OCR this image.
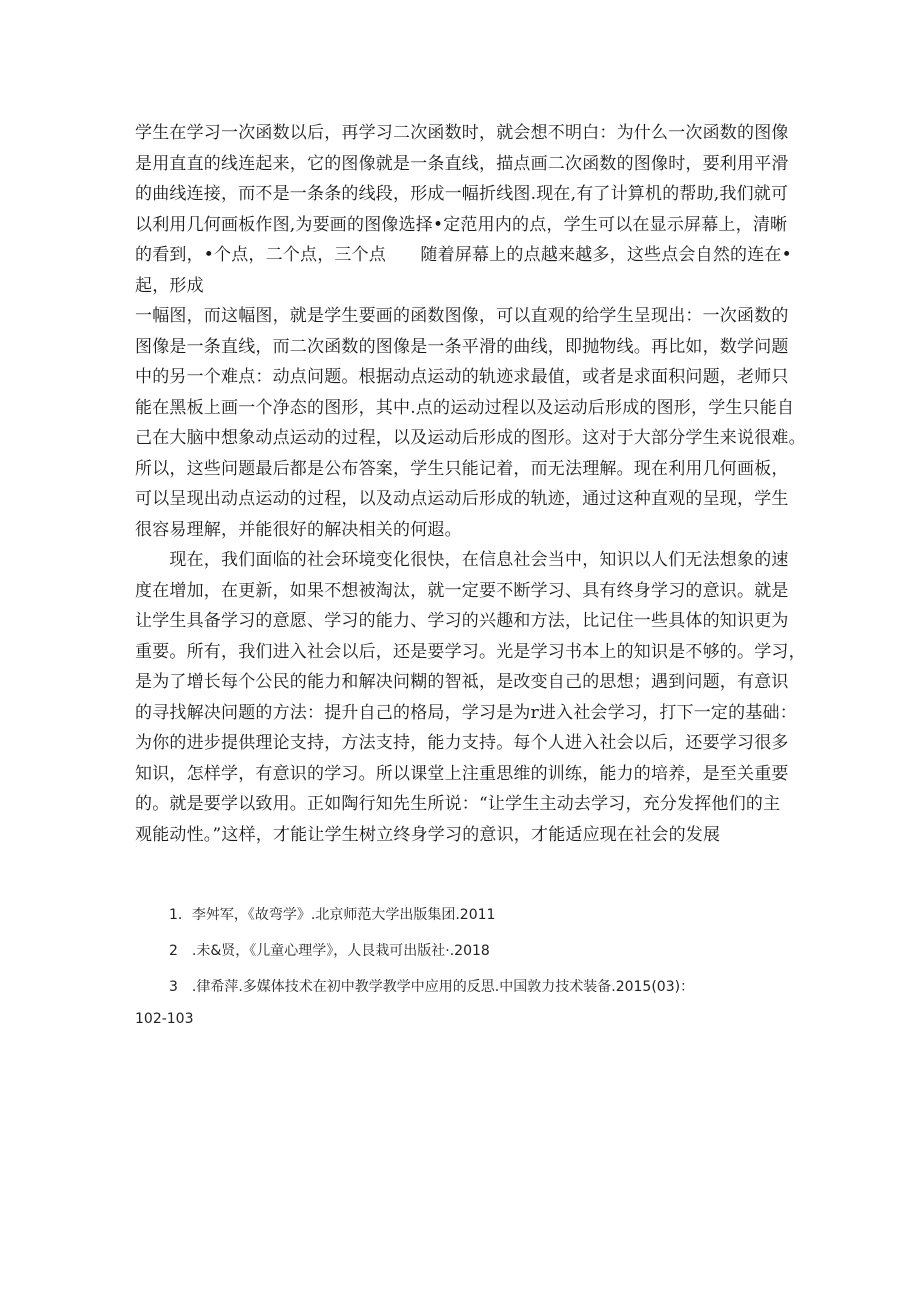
学生在学习一次函数以后，再学习二次函数时，就会想不明白：为什么一次函数的图像
是用直直的线连起来，它的图像就是一条直线，描点画二次函数的图像时，要利用平滑
的曲线连接，而不是一条条的线段，形成一幅折线图.现在,有了计算机的帮助,我们就可
以利用几何画板作图,为要画的图像选择•定范用内的点，学生可以在显示屏幕上，清晰
的看到，•个点，二个点，三个点　　随着屏幕上的点越来越多，这些点会自然的连在•
起，形成
一幅图，而这幅图，就是学生要画的函数图像，可以直观的给学生呈现出：一次函数的
图像是一条直线，而二次函数的图像是一条平滑的曲线，即抛物线。再比如，数学问题
中的另一个难点：动点问题。根据动点运动的轨迹求最值，或者是求面积问题，老师只
能在黑板上画一个净态的图形，其中.点的运动过程以及运动后形成的图形，学生只能自
己在大脑中想象动点运动的过程，以及运动后形成的图形。这对于大部分学生来说很难。
所以，这些问题最后都是公布答案，学生只能记着，而无法理解。现在利用几何画板，
可以呈现出动点运动的过程，以及动点运动后形成的轨迹，通过这种直观的呈现，学生
很容易理解，并能很好的解决相关的何遐。
　　现在，我们面临的社会环境变化很快，在信息社会当中，知识以人们无法想象的速
度在增加，在更新，如果不想被淘汰，就一定要不断学习、具有终身学习的意识。就是
让学生具备学习的意愿、学习的能力、学习的兴趣和方法，比记住一些具体的知识更为
重要。所有，我们进入社会以后，还是要学习。光是学习书本上的知识是不够的。学习，
是为了增长每个公民的能力和解决问糊的智祗，是改变自己的思想；遇到问题，有意识
的寻找解决问题的方法：提升自己的格局，学习是为r进入社会学习，打下一定的基础：
为你的进步提供理论支持，方法支持，能力支持。每个人进入社会以后，还要学习很多
知识，怎样学，有意识的学习。所以课堂上注重思维的训练，能力的培养，是至关重要
的。就是要学以致用。正如陶行知先生所说：“让学生主动去学习，充分发挥他们的主
观能动性。”这样，才能让学生树立终身学习的意识，才能适应现在社会的发展
1．李舛军，《故弯学》.北京师范大学出版集团.2011
2　.未&贤，《儿童心理学》，人艮栽可出版社·.2018
3　.律希萍.多媒体技术在初中教学教学中应用的反思.中国敦力技术装备.2015(03)：
102-103
